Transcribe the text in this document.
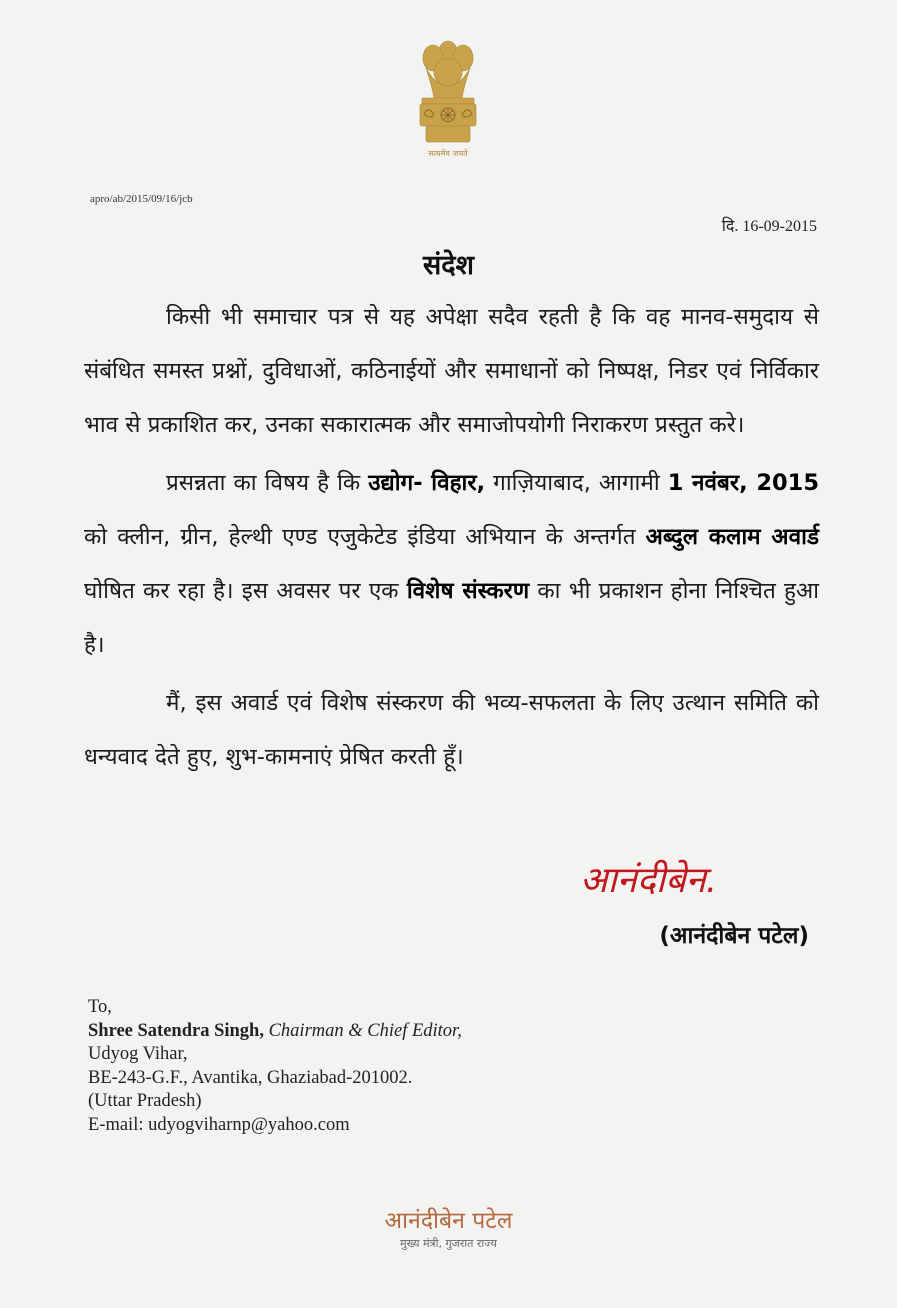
सत्यमेव जयते
apro/ab/2015/09/16/jcb
दि. 16-09-2015
संदेश

किसी भी समाचार पत्र से यह अपेक्षा सदैव रहती है कि वह मानव-समुदाय से संबंधित समस्त प्रश्नों, दुविधाओं, कठिनाईयों और समाधानों को निष्पक्ष, निडर एवं निर्विकार भाव से प्रकाशित कर, उनका सकारात्मक और समाजोपयोगी निराकरण प्रस्तुत करे।

प्रसन्नता का विषय है कि उद्योग- विहार, गाज़ियाबाद, आगामी 1 नवंबर, 2015 को क्लीन, ग्रीन, हेल्थी एण्ड एजुकेटेड इंडिया अभियान के अन्तर्गत अब्दुल कलाम अवार्ड घोषित कर रहा है। इस अवसर पर एक विशेष संस्करण का भी प्रकाशन होना निश्चित हुआ है।

मैं, इस अवार्ड एवं विशेष संस्करण की भव्य-सफलता के लिए उत्थान समिति को धन्यवाद देते हुए, शुभ-कामनाएं प्रेषित करती हूँ।

आनंदीबेन.
(आनंदीबेन पटेल)
To,
Shree Satendra Singh, Chairman & Chief Editor,
Udyog Vihar,
BE-243-G.F., Avantika, Ghaziabad-201002.
(Uttar Pradesh)
E-mail: udyogviharnp@yahoo.com
आनंदीबेन पटेल
मुख्य मंत्री, गुजरात राज्य
